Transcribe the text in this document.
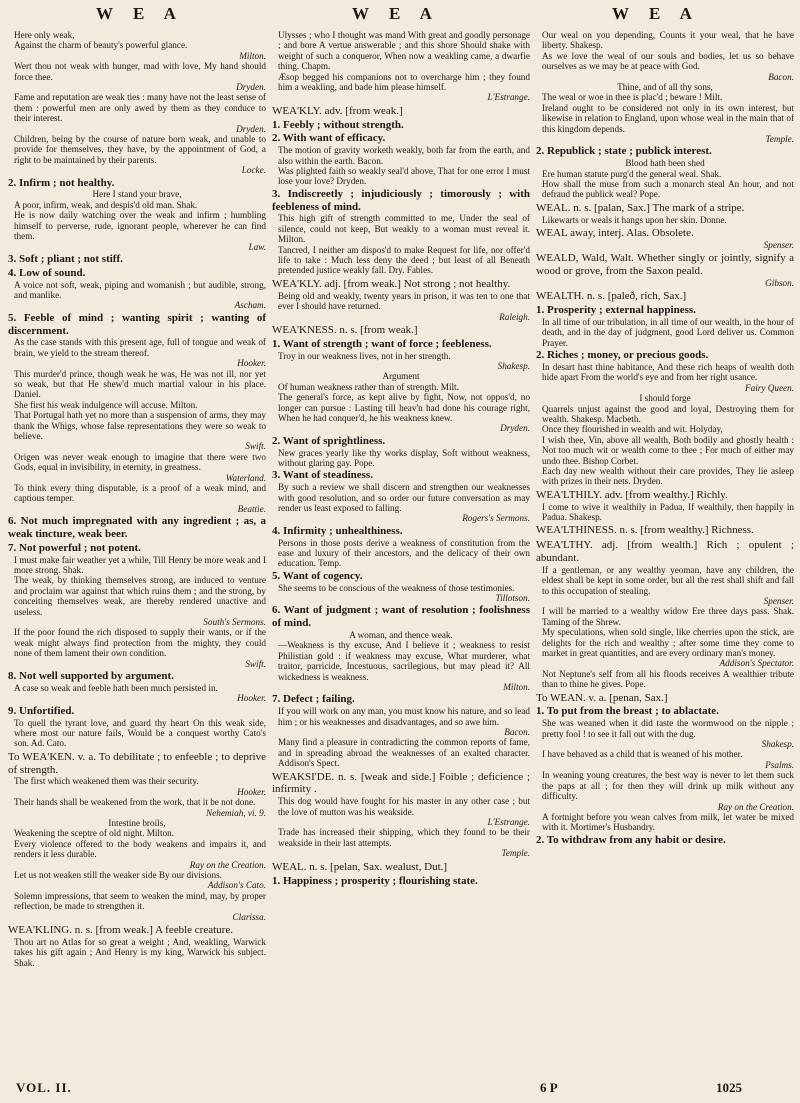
W E A	W E A	W E A
Here only weak,
Against the charm of beauty's powerful glance.
Milton.
Wert thou not weak with hunger, mad with love, My hand should force thee.
Dryden.
Fame and reputation are weak ties : many have not the least sense of them : powerful men are only awed by them as they conduce to their interest.
Dryden.
Children, being by the course of nature born weak, and unable to provide for themselves, they have, by the appointment of God, a right to be maintained by their parents.
Locke.
2. Infirm ; not healthy.
Here I stand your brave,
A poor, infirm, weak, and despis'd old man. Shak.
He is now daily watching over the weak and infirm ; humbling himself to perverse, rude, ignorant people, wherever he can find them.
Law.
3. Soft ; pliant ; not stiff.
4. Low of sound.
A voice not soft, weak, piping and womanish ; but audible, strong, and manlike.
Ascham.
5. Feeble of mind ; wanting spirit ; wanting of discernment.
As the case stands with this present age, full of tongue and weak of brain, we yield to the stream thereof.
Hooker.
This murder'd prince, though weak he was, He was not ill, nor yet so weak, but that He shew'd much martial valour in his place. Daniel.
She first his weak indulgence will accuse. Milton.
That Portugal hath yet no more than a suspension of arms, they may thank the Whigs, whose false representations they were so weak to believe.
Swift.
Origen was never weak enough to imagine that there were two Gods, equal in invisibility, in eternity, in greatness.
Waterland.
To think every thing disputable, is a proof of a weak mind, and captious temper.
Beattie.
6. Not much impregnated with any ingredient ; as, a weak tincture, weak beer.
7. Not powerful ; not potent.
I must make fair weather yet a while, Till Henry be more weak and I more strong. Shak.
The weak, by thinking themselves strong, are induced to venture and proclaim war against that which ruins them ; and the strong, by conceiting themselves weak, are thereby rendered unactive and useless.
South's Sermons.
If the poor found the rich disposed to supply their wants, or if the weak might always find protection from the mighty, they could none of them lament their own condition.
Swift.
8. Not well supported by argument.
A case so weak and feeble hath been much persisted in.
Hooker.
9. Unfortified.
To quell the tyrant love, and guard thy heart On this weak side, where most our nature fails, Would be a conquest worthy Cato's son. Ad. Cato.
To WEA'KEN. v. a. To debilitate ; to enfeeble ; to deprive of strength.
The first which weakened them was their security.
Hooker.
Their hands shall be weakened from the work, that it be not done.
Nehemiah, vi. 9.
Intestine broils,
Weakening the sceptre of old night. Milton.
Every violence offered to the body weakens and impairs it, and renders it less durable.
Ray on the Creation.
Let us not weaken still the weaker side By our divisions.
Addison's Cato.
Solemn impressions, that seem to weaken the mind, may, by proper reflection, be made to strengthen it.
Clarissa.
WEA'KLING. n. s. [from weak.] A feeble creature.
Thou art no Atlas for so great a weight ; And, weakling, Warwick takes his gift again ; And Henry is my king, Warwick his subject. Shak.
Ulysses ; who I thought was mand With great and goodly personage ; and bore A vertue answerable ; and this shore Should shake with weight of such a conqueror, When now a weakling came, a dwarfie thing. Chapm.
Æsop begged his companions not to overcharge him ; they found him a weakling, and bade him please himself.
L'Estrange.
WEA'KLY. adv. [from weak.]
1. Feebly ; without strength.
2. With want of efficacy.
The motion of gravity worketh weakly, both far from the earth, and also within the earth. Bacon.
Was plighted faith so weakly seal'd above, That for one error I must lose your love? Dryden.
3. Indiscreetly ; injudiciously ; timorously ; with feebleness of mind.
This high gift of strength committed to me, Under the seal of silence, could not keep, But weakly to a woman must reveal it. Milton.
Tancred, I neither am dispos'd to make Request for life, nor offer'd life to take : Much less deny the deed ; but least of all Beneath pretended justice weakly fall. Dry. Fables.
WEA'KLY. adj. [from weak.] Not strong ; not healthy.
Being old and weakly, twenty years in prison, it was ten to one that ever I should have returned.
Raleigh.
WEA'KNESS. n. s. [from weak.]
1. Want of strength ; want of force ; feebleness.
Troy in our weakness lives, not in her strength.
Shakesp.
Argument
Of human weakness rather than of strength. Milt.
The general's force, as kept alive by fight, Now, not oppos'd, no longer can pursue : Lasting till heav'n had done his courage right, When he had conquer'd, he his weakness knew.
Dryden.
2. Want of sprightliness.
New graces yearly like thy works display, Soft without weakness, without glaring gay. Pope.
3. Want of steadiness.
By such a review we shall discern and strengthen our weaknesses with good resolution, and so order our future conversation as may render us least exposed to falling.
Rogers's Sermons.
4. Infirmity ; unhealthiness.
Persons in those posts derive a weakness of constitution from the ease and luxury of their ancestors, and the delicacy of their own education. Temp.
5. Want of cogency.
She seems to be conscious of the weakness of those testimonies.
Tillotson.
6. Want of judgment ; want of resolution ; foolishness of mind.
A woman, and thence weak.
—Weakness is thy excuse, And I believe it ; weakness to resist Philistian gold : if weakness may excuse, What murderer, what traitor, parricide, Incestuous, sacrilegious, but may plead it? All wickedness is weakness.
Milton.
7. Defect ; failing.
If you will work on any man, you must know his nature, and so lead him ; or his weaknesses and disadvantages, and so awe him.
Bacon.
Many find a pleasure in contradicting the common reports of fame, and in spreading abroad the weaknesses of an exalted character. Addison's Spect.
WEAKSI'DE. n. s. [weak and side.] Foible ; deficience ; infirmity .
This dog would have fought for his master in any other case ; but the love of mutton was his weakside.
L'Estrange.
Trade has increased their shipping, which they found to be their weakside in their last attempts.
Temple.
WEAL. n. s. [pelan, Sax. wealust, Dut.]
1. Happiness ; prosperity ; flourishing state.
Our weal on you depending, Counts it your weal, that he have liberty. Shakesp.
As we love the weal of our souls and bodies, let us so behave ourselves as we may be at peace with God.
Bacon.
Thine, and of all thy sons,
The weal or woe in thee is plac'd ; beware ! Milt.
Ireland ought to be considered not only in its own interest, but likewise in relation to England, upon whose weal in the main that of this kingdom depends.
Temple.
2. Republick ; state ; publick interest.
Blood hath been shed
Ere human statute purg'd the general weal. Shak.
How shall the muse from such a monarch steal An hour, and not defraud the publick weal? Pope.
WEAL. n. s. [palan, Sax.] The mark of a stripe.
Likewarts or weals it hangs upon her skin. Donne.
WEAL away, interj. Alas. Obsolete.
Spenser.
WEALD, Wald, Walt. Whether singly or jointly, signify a wood or grove, from the Saxon peald.
Gibson.
WEALTH. n. s. [paleð, rich, Sax.]
1. Prosperity ; external happiness.
In all time of our tribulation, in all time of our wealth, in the hour of death, and in the day of judgment, good Lord deliver us. Common Prayer.
2. Riches ; money, or precious goods.
In desart hast thine habitance, And these rich heaps of wealth doth hide apart From the world's eye and from her right usance.
Fairy Queen.
I should forge
Quarrels unjust against the good and loyal, Destroying them for wealth. Shakesp. Macbeth.
Once they flourished in wealth and wit. Holyday,
I wish thee, Vin, above all wealth, Both bodily and ghostly health : Not too much wit or wealth come to thee ; For much of either may undo thee. Bishop Corbet.
Each day new wealth without their care provides, They lie asleep with prizes in their nets. Dryden.
WEA'LTHILY. adv. [from wealthy.] Richly.
I come to wive it wealthily in Padua, If wealthily, then happily in Padua. Shakesp.
WEA'LTHINESS. n. s. [from wealthy.] Richness.
WEA'LTHY. adj. [from wealth.] Rich ; opulent ; abundant.
If a gentleman, or any wealthy yeoman, have any children, the eldest shall be kept in some order, but all the rest shall shift and fall to this occupation of stealing.
Spenser.
I will be married to a wealthy widow Ere three days pass. Shak. Taming of the Shrew.
My speculations, when sold single, like cherries upon the stick, are delights for the rich and wealthy ; after some time they come to market in great quantities, and are every ordinary man's money.
Addison's Spectator.
Not Neptune's self from all his floods receives A wealthier tribute than to thine he gives. Pope.
To WEAN. v. a. [penan, Sax.]
1. To put from the breast ; to ablactate.
She was weaned when it did taste the wormwood on the nipple ; pretty fool ! to see it fall out with the dug.
Shakesp.
I have behaved as a child that is weaned of his mother.
Psalms.
In weaning young creatures, the best way is never to let them suck the paps at all ; for then they will drink up milk without any difficulty.
Ray on the Creation.
A fortnight before you wean calves from milk, let water be mixed with it. Mortimer's Husbandry.
2. To withdraw from any habit or desire.
VOL. II.	6 P	1025
